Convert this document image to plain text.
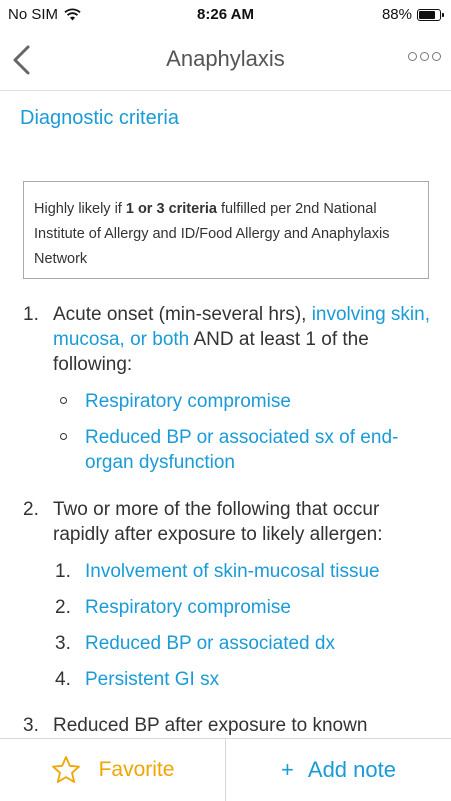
No SIM	8:26 AM	88%
Anaphylaxis
Diagnostic criteria
Highly likely if 1 or 3 criteria fulfilled per 2nd National Institute of Allergy and ID/Food Allergy and Anaphylaxis Network
1. Acute onset (min-several hrs), involving skin, mucosa, or both AND at least 1 of the following:
Respiratory compromise
Reduced BP or associated sx of end-organ dysfunction
2. Two or more of the following that occur rapidly after exposure to likely allergen:
1. Involvement of skin-mucosal tissue
2. Respiratory compromise
3. Reduced BP or associated dx
4. Persistent GI sx
3. Reduced BP after exposure to known
Favorite	+ Add note
